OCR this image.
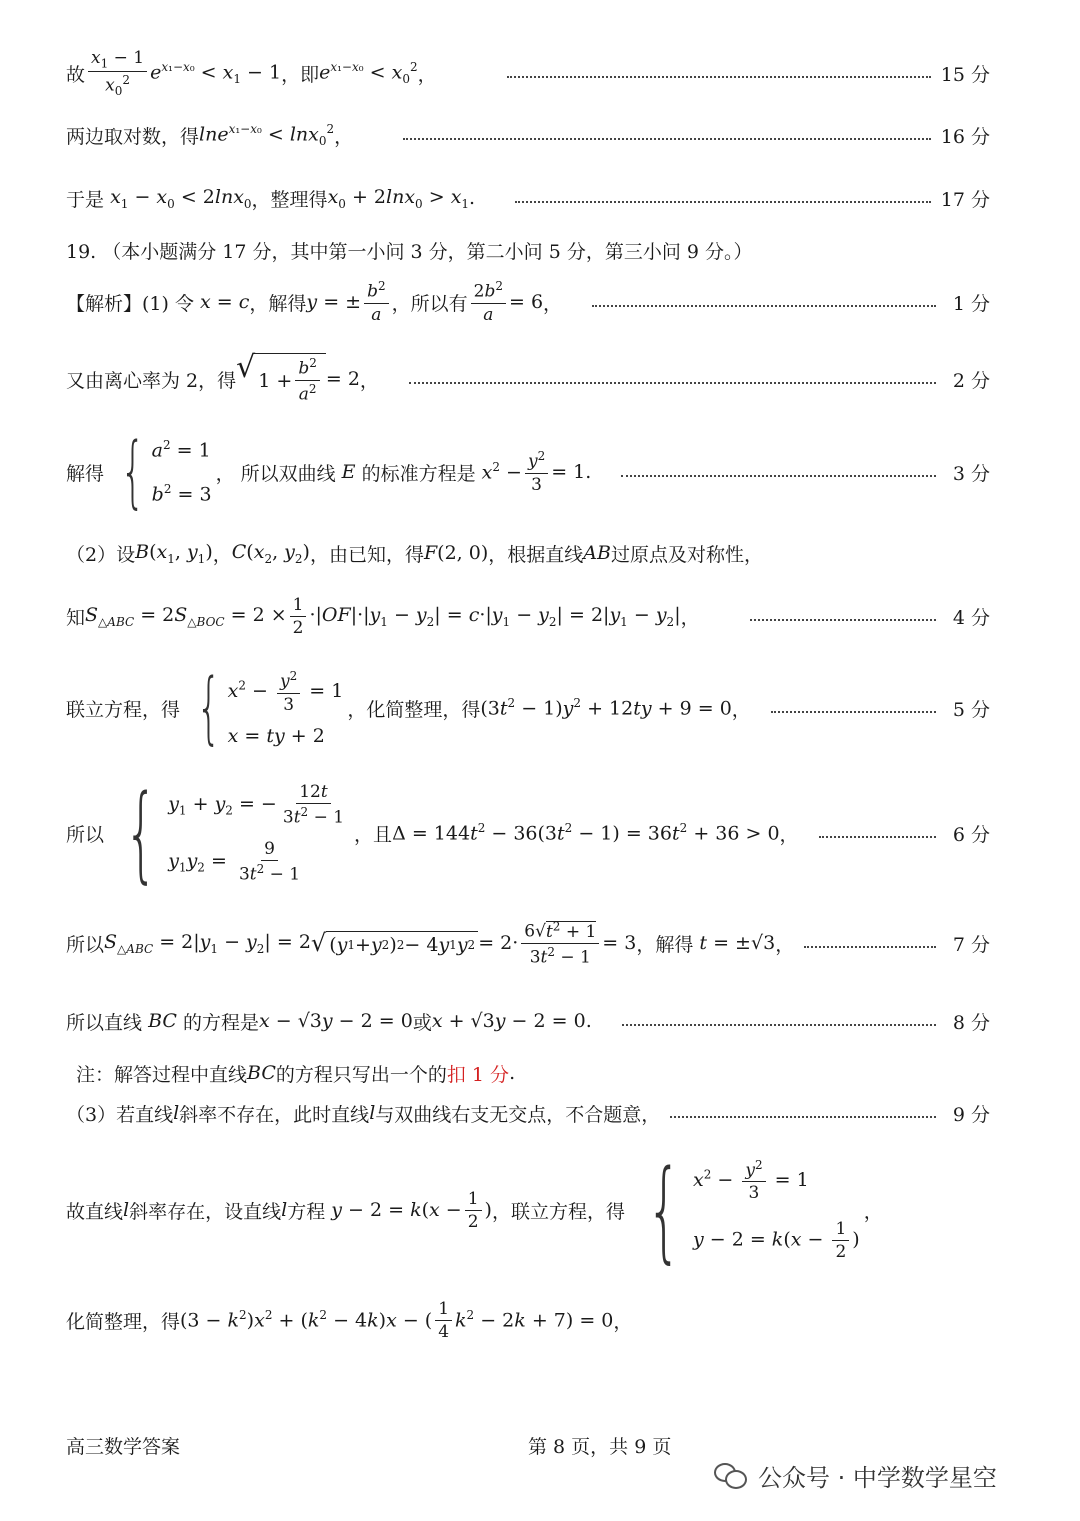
故 $\frac{x_1 - 1}{x_0^2} e^{x_1-x_0} < x_1 - 1$ ，即 $e^{x_1-x_0} < x_0^2$ ，	15 分
两边取对数，得 lne$^{x_1-x_0}$ < lnx$_0^2$ ，	16 分
于是 $x_1 - x_0 < 2\ln x_0$ ，整理得 $x_0 + 2\ln x_0 > x_1$ .	17 分
19. （本小题满分 17 分，其中第一小问 3 分，第二小问 5 分，第三小问 9 分。）
【解析】 (1) 令 x = c ，解得 y = ± $\frac{b^2}{a}$ ，所以有 $\frac{2b^2}{a} = 6$ ，	1 分
又由离心率为 2，得 √ $1 + \frac{b^2}{a^2} = 2$ ，	2 分
解得 { $a^2 = 1$
$b^2 = 3$
， 所以双曲线 E 的标准方程是 $x^2 - \frac{y^2}{3} = 1$ .	3 分
（2）设 $B(x_1$, $y_1$) ， $C(x_2$, $y_2$) ，由已知，得 F(2, 0) ，根据直线 AB 过原点及对称性，
知 $S_{\triangle ABC} = 2S_{\triangle BOC} = 2 \times \frac{1}{2} \cdot|OF|\cdot|y_1 - y_2| = c\cdot|y_1 - y_2| = 2|y_1 - y_2|$ ，	4 分
联立方程，得 { $x^2 - \frac{y^2}{3} = 1$
x = ty + 2
，化简整理，得 $(3t^2 - 1)y^2 + 12ty + 9 = 0$ ，	5 分
所以 { $y_1 + y_2$ = − $\frac{12t}{3t^2 - 1}$
$y_1y_2 = \frac{9}{3t^2 - 1}$
，且 $\Delta = 144t^2 - 36(3t^2 - 1) = 36t^2 + 36 > 0$ ，	6 分
所以 $S_{\triangle ABC} = 2|y_1 - y_2| = 2$ √ ( y 1 + y 2 ) 2 − 4 y 1 y $2 = 2\cdot \frac{6√t^2 + 1}{3t^2 - 1} = 3$ ，解得 t = ±√3 ，	7 分
所以直线 BC 的方程是 x − √3y − 2 = 0 或 x + √3y − 2 = 0 .	8 分
注：解答过程中直线 BC 的方程只写出一个的 扣 1 分 .
（3）若直线 l 斜率不存在，此时直线 l 与双曲线右支无交点，不合题意，	9 分
故直线 l 斜率存在，设直线 l 方程 $y - 2 = k(x - \frac{1}{2}$ ) ，联立方程，得 { $x^2 - \frac{y^2}{3} = 1$
$y - 2 = k(x - \frac{1}{2}$ )
，
化简整理，得 $(3 - k^2)x^2 + (k^2 - 4k)x$ − ( $\frac{1}{4} k^2 - 2k + 7) = 0$ ，
高三数学答案	第 8 页，共 9 页
公众号 · 中学数学星空
